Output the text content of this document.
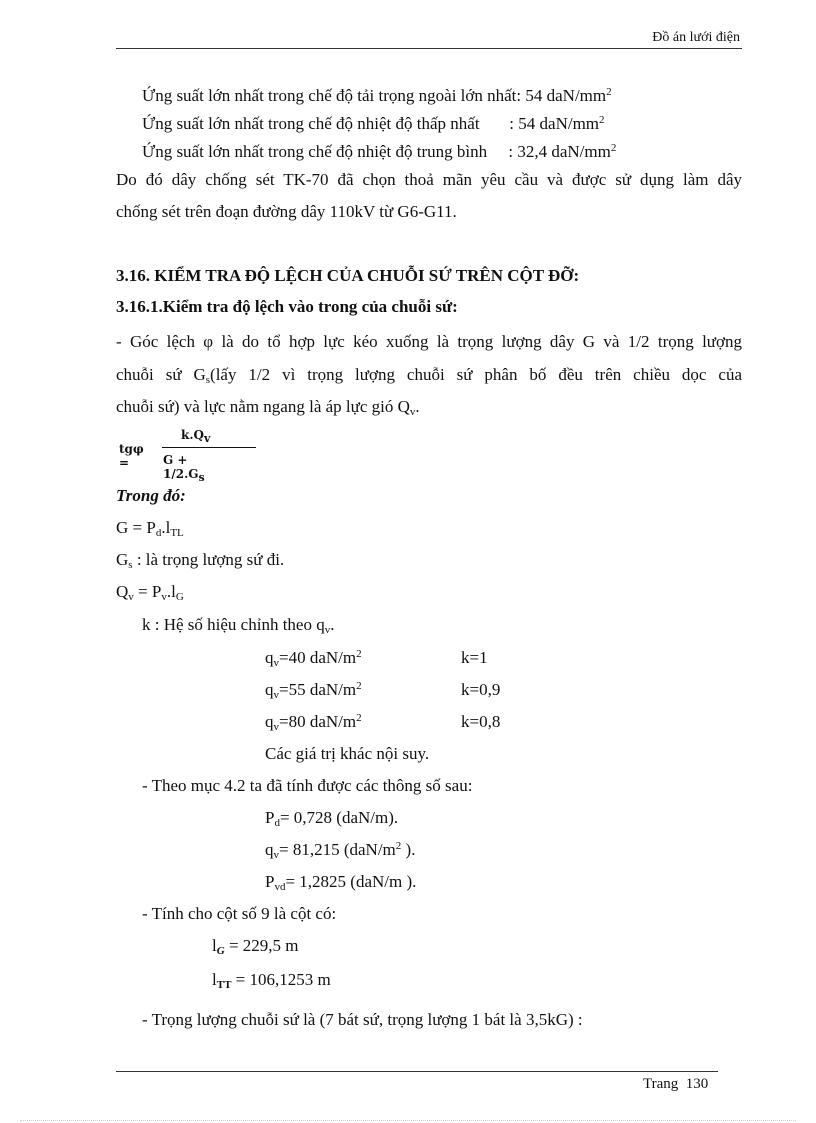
Đồ án lưới điện
Ứng suất lớn nhất trong chế độ tải trọng ngoài lớn nhất: 54 daN/$mm^2$
Ứng suất lớn nhất trong chế độ nhiệt độ thấp nhất       : 54 daN/$mm^2$
Ứng suất lớn nhất trong chế độ nhiệt độ trung bình     : 32,4 daN/$mm^2$
Do đó dây chống sét TK-70 đã chọn thoả mãn yêu cầu và được sử dụng làm dây
chống sét trên đoạn đường dây 110kV từ G6-G11.
3.16. KIỂM TRA ĐỘ LỆCH CỦA CHUỖI SỨ TRÊN CỘT ĐỠ:
3.16.1.Kiểm tra độ lệch vào trong của chuỗi sứ:
- Góc lệch φ là do tổ hợp lực kéo xuống là trọng lượng dây G và 1/2 trọng lượng
chuỗi sứ $G_s(lấy$ 1/2 vì trọng lượng chuỗi sứ phân bố đều trên chiều dọc của
chuỗi sứ) và lực nằm ngang là áp lực gió $Q_v$.
tgφ =
$k.Q_v$
$G + 1/2.G_s$
Trong đó:
$G = P_d.l_{TL}$
$G_s$ : là trọng lượng sứ đi.
$Q_v = P_v.l_G$
k : Hệ số hiệu chỉnh theo $q_v$.
$q_v=40$ daN/$m^2$	k=1
$q_v=55$ daN/$m^2$	k=0,9
$q_v=80$ daN/$m^2$	k=0,8
Các giá trị khác nội suy.
- Theo mục 4.2 ta đã tính được các thông số sau:
$P_d= 0,728$ (daN/m).
$q_v= 81,215$ ($daN/m^2$ ).
$P_{vd}= 1,2825$ (daN/m ).
- Tính cho cột số 9 là cột có:
$l_G = 229,5$ m
$l_{TT} = 106,1253$ m
- Trọng lượng chuỗi sứ là (7 bát sứ, trọng lượng 1 bát là 3,5kG) :
Trang 130
